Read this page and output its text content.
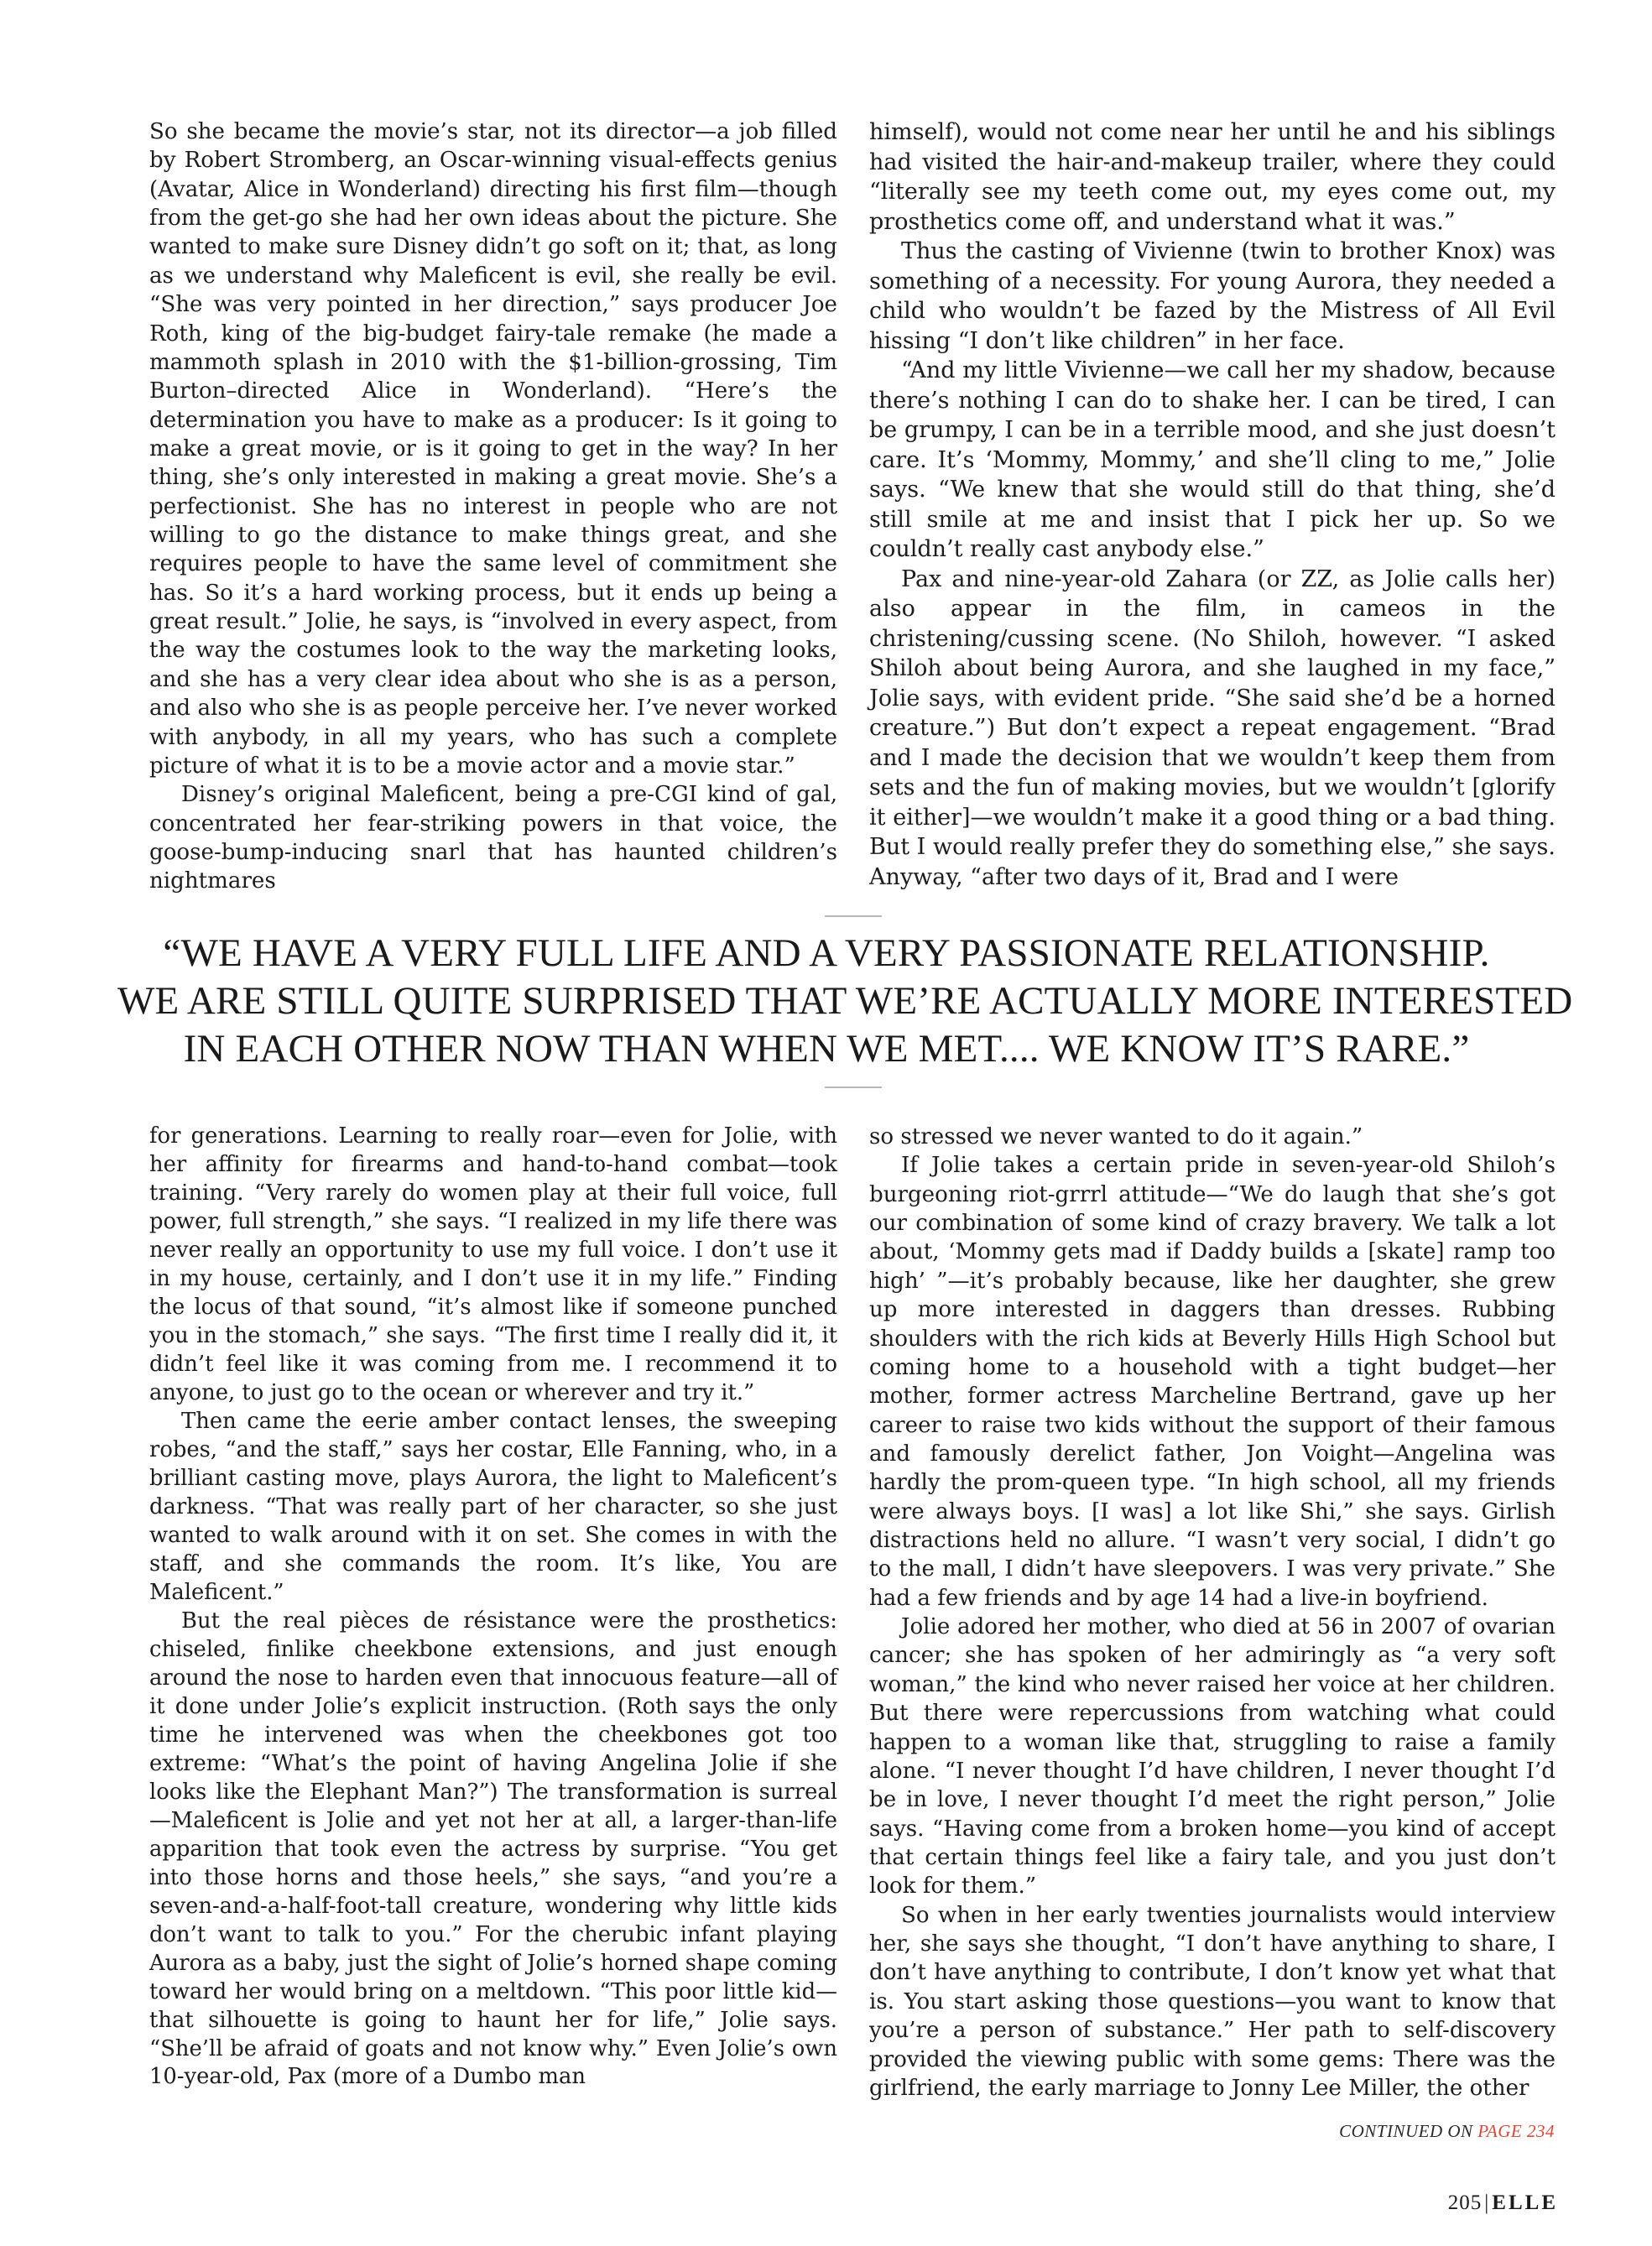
So she became the movie’s star, not its director—a job filled by Robert Stromberg, an Oscar-winning visual-effects genius (Avatar, Alice in Wonderland) directing his first film—though from the get-go she had her own ideas about the picture. She wanted to make sure Disney didn’t go soft on it; that, as long as we understand why Maleficent is evil, she really be evil. “She was very pointed in her direction,” says producer Joe Roth, king of the big-budget fairy-tale remake (he made a mammoth splash in 2010 with the $1-billion-grossing, Tim Burton–directed Alice in Wonderland). “Here’s the determination you have to make as a producer: Is it going to make a great movie, or is it going to get in the way? In her thing, she’s only interested in making a great movie. She’s a perfectionist. She has no interest in people who are not willing to go the distance to make things great, and she requires people to have the same level of commitment she has. So it’s a hard working process, but it ends up being a great result.” Jolie, he says, is “involved in every aspect, from the way the costumes look to the way the marketing looks, and she has a very clear idea about who she is as a person, and also who she is as people perceive her. I’ve never worked with anybody, in all my years, who has such a complete picture of what it is to be a movie actor and a movie star.”

Disney’s original Maleficent, being a pre-CGI kind of gal, concentrated her fear-striking powers in that voice, the goose-bump-inducing snarl that has haunted children’s nightmares

himself), would not come near her until he and his siblings had visited the hair-and-makeup trailer, where they could “literally see my teeth come out, my eyes come out, my prosthetics come off, and understand what it was.”

Thus the casting of Vivienne (twin to brother Knox) was something of a necessity. For young Aurora, they needed a child who wouldn’t be fazed by the Mistress of All Evil hissing “I don’t like children” in her face.

“And my little Vivienne—we call her my shadow, because there’s nothing I can do to shake her. I can be tired, I can be grumpy, I can be in a terrible mood, and she just doesn’t care. It’s ‘Mommy, Mommy,’ and she’ll cling to me,” Jolie says. “We knew that she would still do that thing, she’d still smile at me and insist that I pick her up. So we couldn’t really cast anybody else.”

Pax and nine-year-old Zahara (or ZZ, as Jolie calls her) also appear in the film, in cameos in the christening/cussing scene. (No Shiloh, however. “I asked Shiloh about being Aurora, and she laughed in my face,” Jolie says, with evident pride. “She said she’d be a horned creature.”) But don’t expect a repeat engagement. “Brad and I made the decision that we wouldn’t keep them from sets and the fun of making movies, but we wouldn’t [glorify it either]—we wouldn’t make it a good thing or a bad thing. But I would really prefer they do something else,” she says. Anyway, “after two days of it, Brad and I were

“WE HAVE A VERY FULL LIFE AND A VERY PASSIONATE RELATIONSHIP.
WE ARE STILL QUITE SURPRISED THAT WE’RE ACTUALLY MORE INTERESTED
IN EACH OTHER NOW THAN WHEN WE MET.... WE KNOW IT’S RARE.”

for generations. Learning to really roar—even for Jolie, with her affinity for firearms and hand-to-hand combat—took training. “Very rarely do women play at their full voice, full power, full strength,” she says. “I realized in my life there was never really an opportunity to use my full voice. I don’t use it in my house, certainly, and I don’t use it in my life.” Finding the locus of that sound, “it’s almost like if someone punched you in the stomach,” she says. “The first time I really did it, it didn’t feel like it was coming from me. I recommend it to anyone, to just go to the ocean or wherever and try it.”

Then came the eerie amber contact lenses, the sweeping robes, “and the staff,” says her costar, Elle Fanning, who, in a brilliant casting move, plays Aurora, the light to Maleficent’s darkness. “That was really part of her character, so she just wanted to walk around with it on set. She comes in with the staff, and she commands the room. It’s like, You are Maleficent.”

But the real pièces de résistance were the prosthetics: chiseled, finlike cheekbone extensions, and just enough around the nose to harden even that innocuous feature—all of it done under Jolie’s explicit instruction. (Roth says the only time he intervened was when the cheekbones got too extreme: “What’s the point of having Angelina Jolie if she looks like the Elephant Man?”) The transformation is surreal—Maleficent is Jolie and yet not her at all, a larger-than-life apparition that took even the actress by surprise. “You get into those horns and those heels,” she says, “and you’re a seven-and-a-half-foot-tall creature, wondering why little kids don’t want to talk to you.” For the cherubic infant playing Aurora as a baby, just the sight of Jolie’s horned shape coming toward her would bring on a meltdown. “This poor little kid—that silhouette is going to haunt her for life,” Jolie says. “She’ll be afraid of goats and not know why.” Even Jolie’s own 10-year-old, Pax (more of a Dumbo man

so stressed we never wanted to do it again.”

If Jolie takes a certain pride in seven-year-old Shiloh’s burgeoning riot-grrrl attitude—“We do laugh that she’s got our combination of some kind of crazy bravery. We talk a lot about, ‘Mommy gets mad if Daddy builds a [skate] ramp too high’ ”—it’s probably because, like her daughter, she grew up more interested in daggers than dresses. Rubbing shoulders with the rich kids at Beverly Hills High School but coming home to a household with a tight budget—her mother, former actress Marcheline Bertrand, gave up her career to raise two kids without the support of their famous and famously derelict father, Jon Voight—Angelina was hardly the prom-queen type. “In high school, all my friends were always boys. [I was] a lot like Shi,” she says. Girlish distractions held no allure. “I wasn’t very social, I didn’t go to the mall, I didn’t have sleepovers. I was very private.” She had a few friends and by age 14 had a live-in boyfriend.

Jolie adored her mother, who died at 56 in 2007 of ovarian cancer; she has spoken of her admiringly as “a very soft woman,” the kind who never raised her voice at her children. But there were repercussions from watching what could happen to a woman like that, struggling to raise a family alone. “I never thought I’d have children, I never thought I’d be in love, I never thought I’d meet the right person,” Jolie says. “Having come from a broken home—you kind of accept that certain things feel like a fairy tale, and you just don’t look for them.”

So when in her early twenties journalists would interview her, she says she thought, “I don’t have anything to share, I don’t have anything to contribute, I don’t know yet what that is. You start asking those questions—you want to know that you’re a person of substance.” Her path to self-discovery provided the viewing public with some gems: There was the girlfriend, the early marriage to Jonny Lee Miller, the other

CONTINUED ON PAGE 234
205 | ELLE
